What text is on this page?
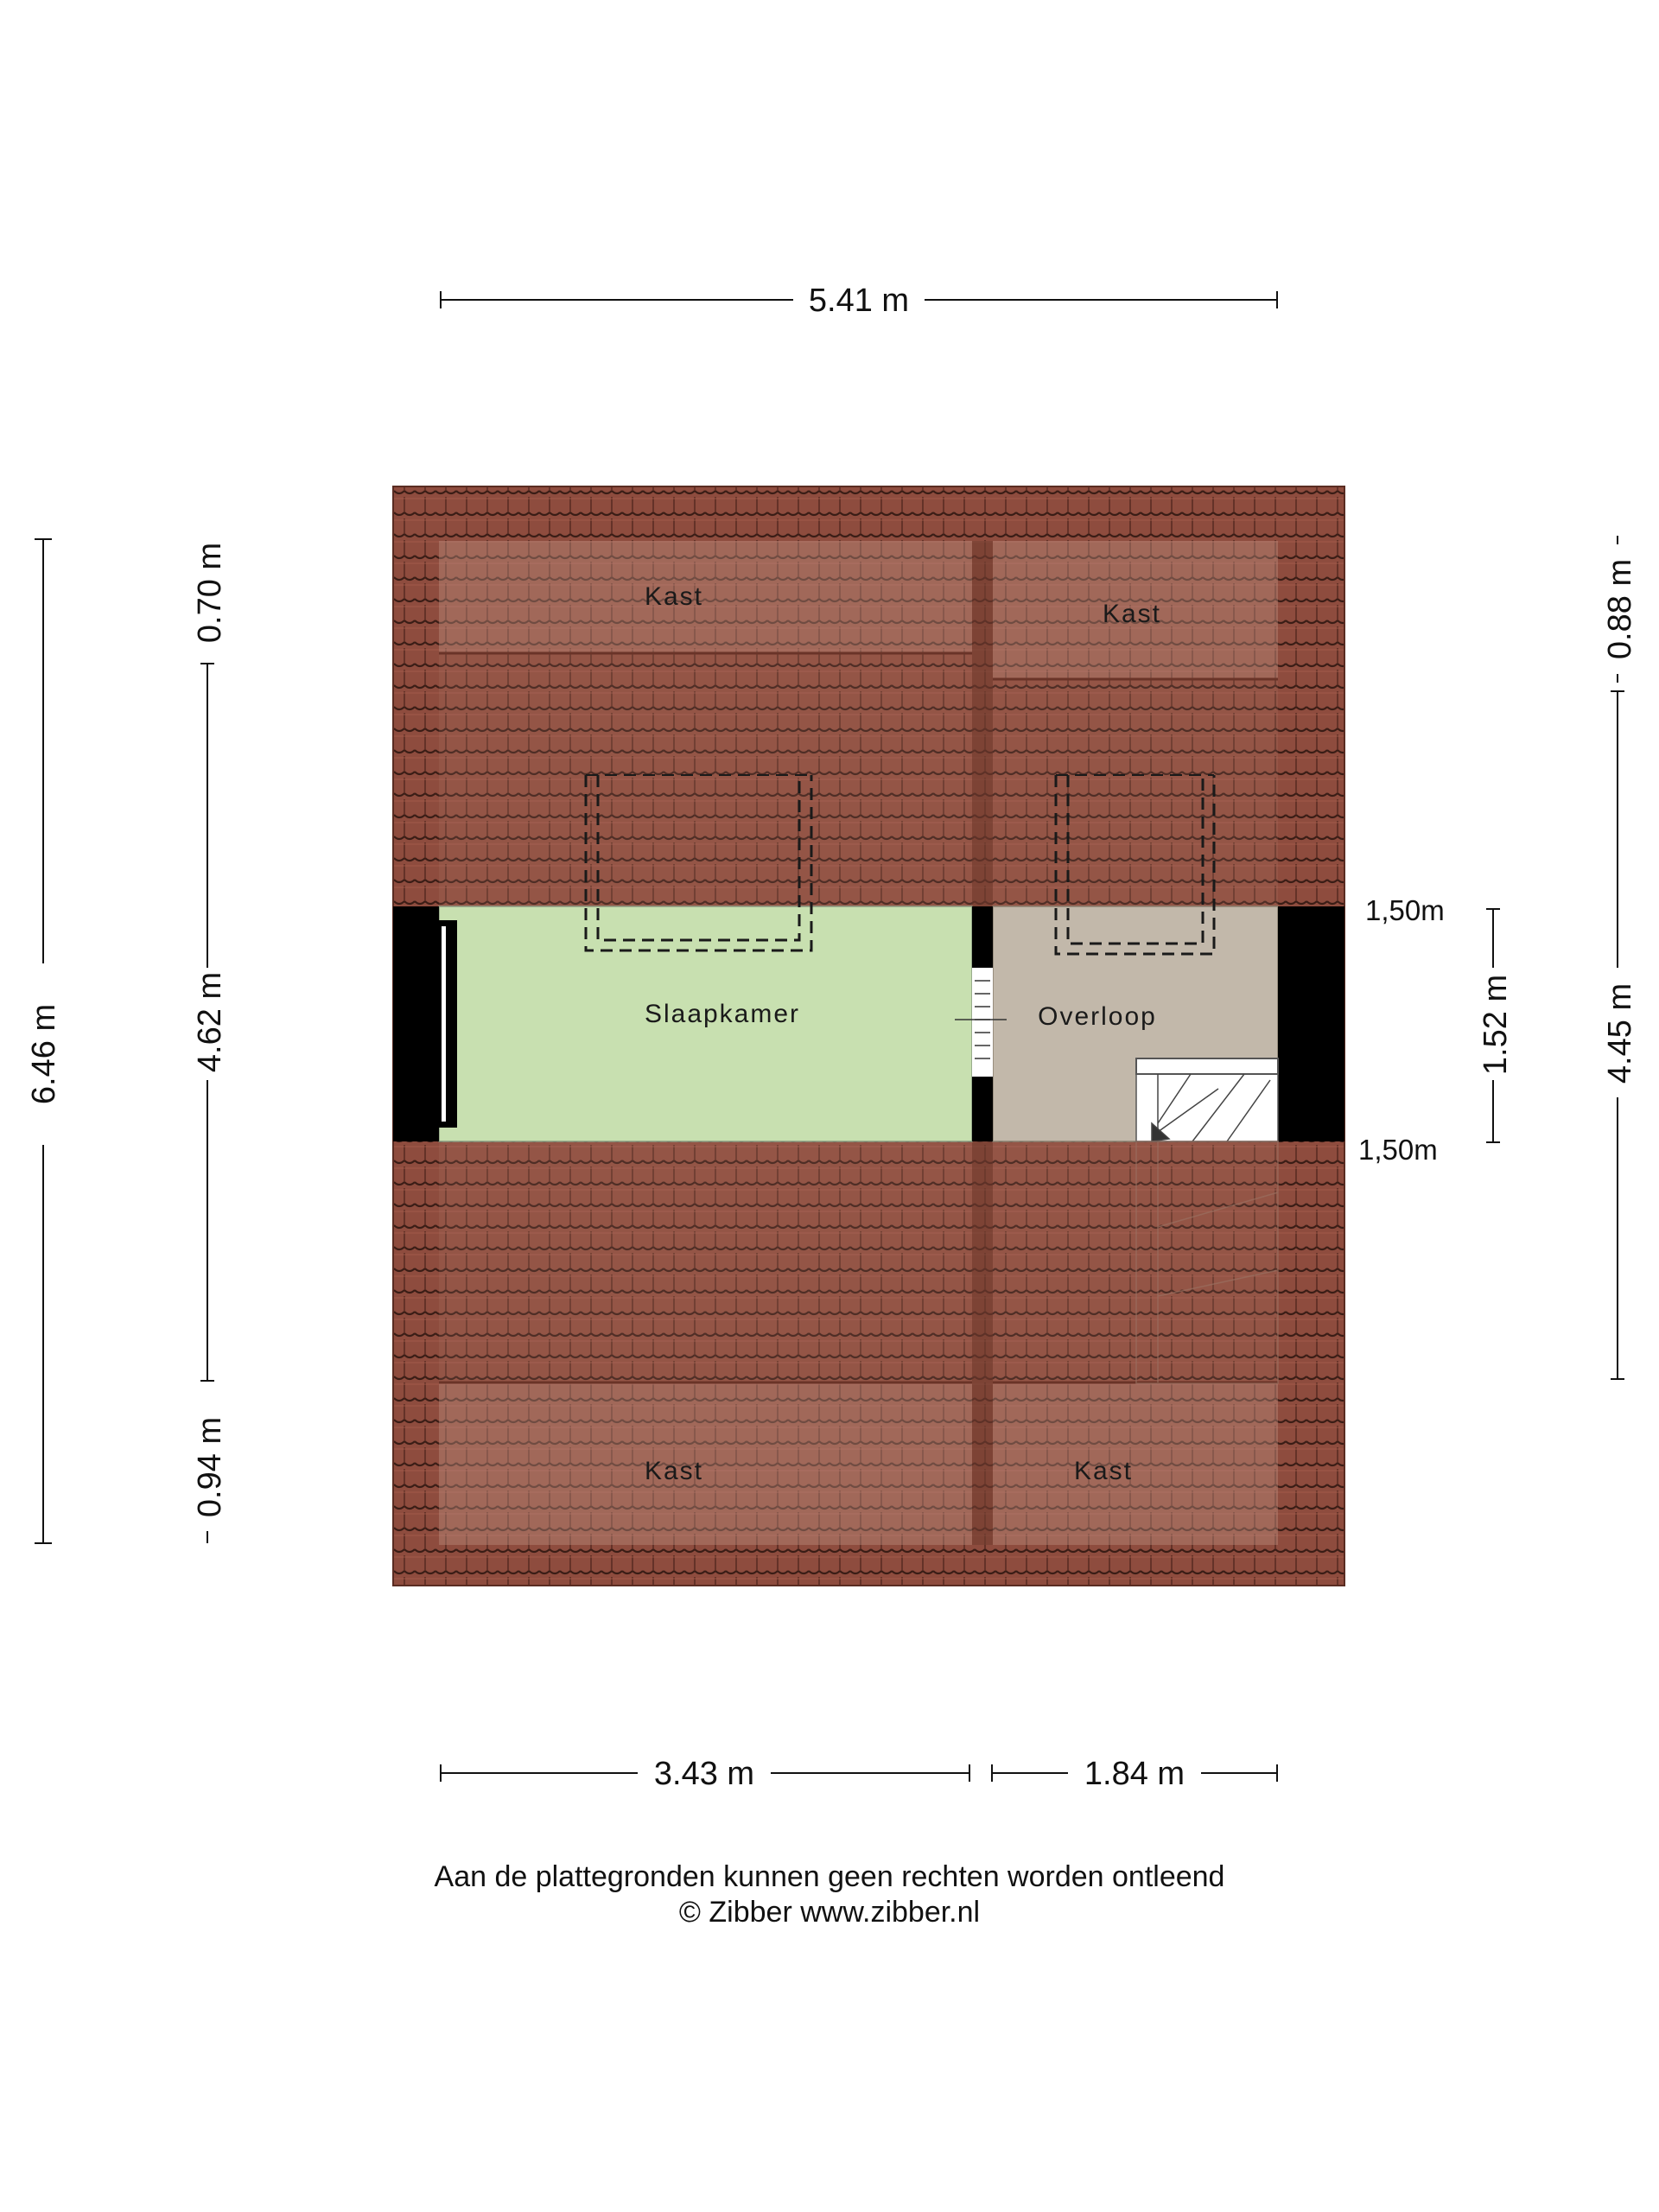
5.41 m
Kast
Kast
Slaapkamer	Overloop
Kast	Kast
6.46 m
0.70 m
4.62 m
0.94 m
0.88 m
4.45 m
1.52 m
1,50m
1,50m
3.43 m	1.84 m
Aan de plattegronden kunnen geen rechten worden ontleend
© Zibber www.zibber.nl
